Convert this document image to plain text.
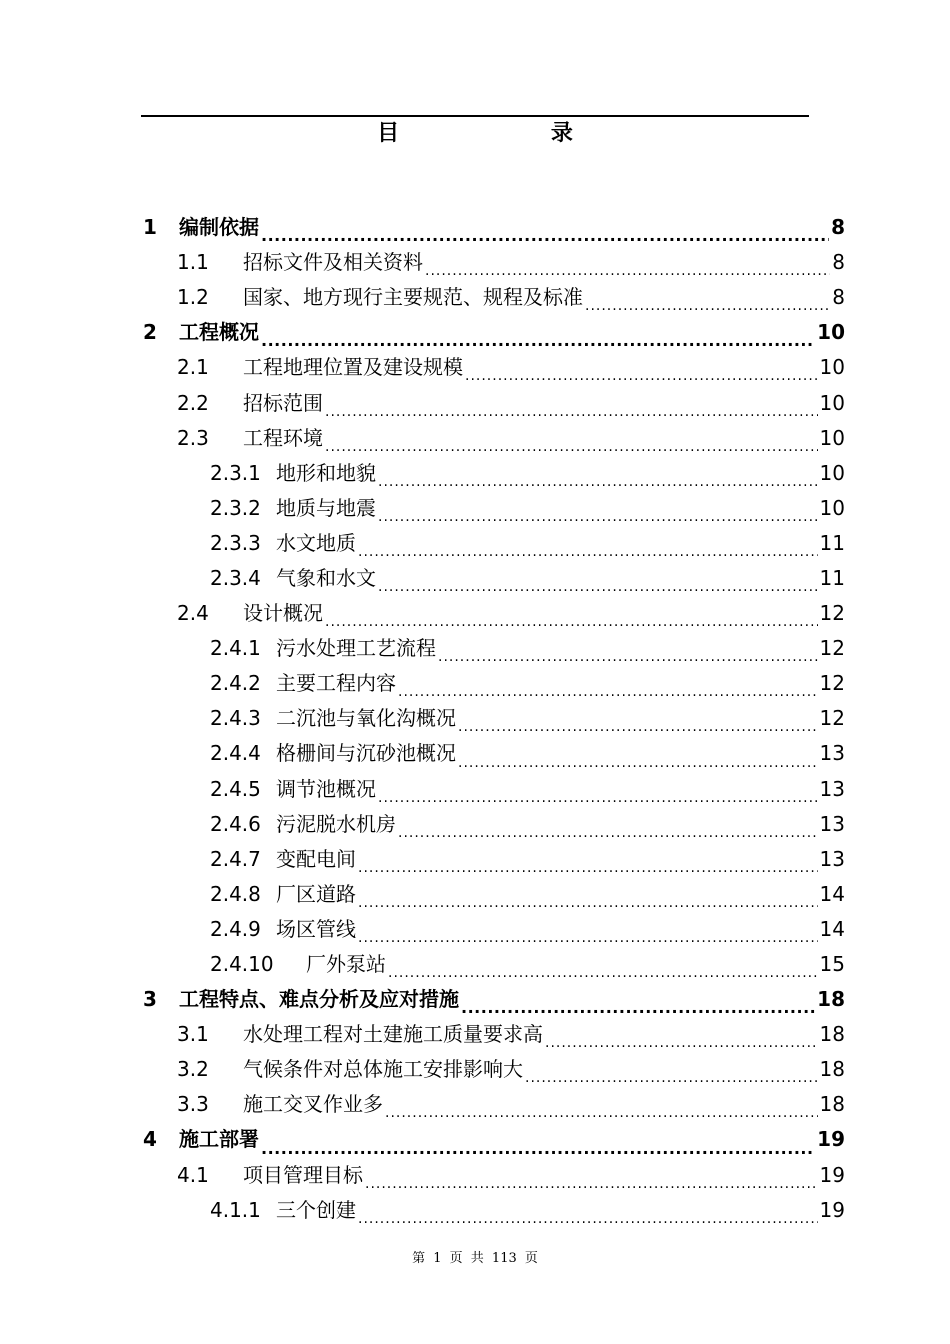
目 录
1	编制依据 .....	8
1.1	招标文件及相关资料 .....	8
1.2	国家、地方现行主要规范、规程及标准 .....	8
2	工程概况 .....	10
2.1	工程地理位置及建设规模 .....	10
2.2	招标范围 .....	10
2.3	工程环境 .....	10
2.3.1 地形和地貌 .....	10
2.3.2 地质与地震 .....	10
2.3.3 水文地质 .....	11
2.3.4 气象和水文 .....	11
2.4	设计概况 .....	12
2.4.1 污水处理工艺流程 .....	12
2.4.2 主要工程内容 .....	12
2.4.3 二沉池与氧化沟概况 .....	12
2.4.4 格栅间与沉砂池概况 .....	13
2.4.5 调节池概况 .....	13
2.4.6 污泥脱水机房 .....	13
2.4.7 变配电间 .....	13
2.4.8 厂区道路 .....	14
2.4.9 场区管线 .....	14
2.4.10	厂外泵站 .....	15
3	工程特点、难点分析及应对措施 .....	18
3.1	水处理工程对土建施工质量要求高 .....	18
3.2	气候条件对总体施工安排影响大 .....	18
3.3	施工交叉作业多 .....	18
4	施工部署 .....	19
4.1	项目管理目标 .....	19
4.1.1 三个创建 .....	19
第 1 页 共 113 页
